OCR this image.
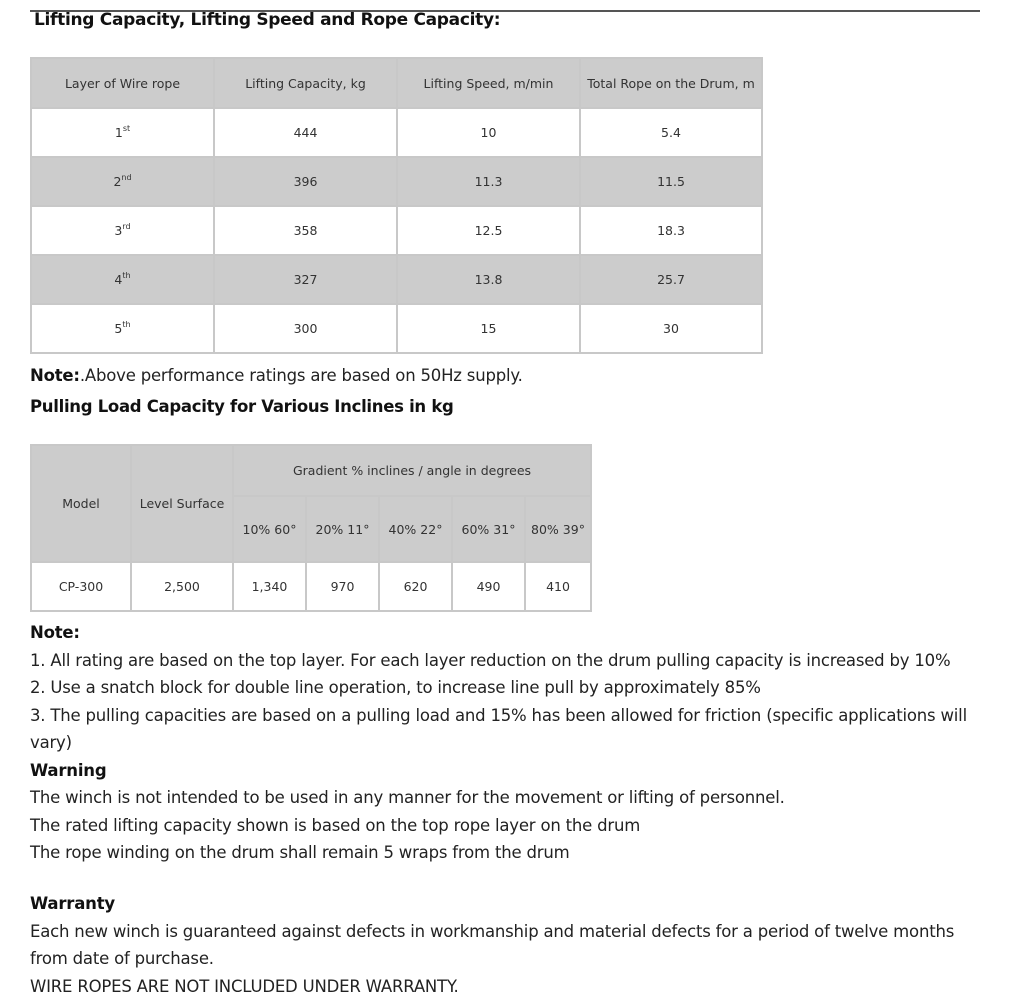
Lifting Capacity, Lifting Speed and Rope Capacity:
Layer of Wire rope	Lifting Capacity, kg	Lifting Speed, m/min	Total Rope on the Drum, m
1st	444	10	5.4
2nd	396	11.3	11.5
3rd	358	12.5	18.3
4th	327	13.8	25.7
5th	300	15	30
Note:.Above performance ratings are based on 50Hz supply.
Pulling Load Capacity for Various Inclines in kg
Model	Level Surface	Gradient % inclines / angle in degrees				
		10% 60°	20% 11°	40% 22°	60% 31°	80% 39°
CP-300	2,500	1,340	970	620	490	410
Note:
1. All rating are based on the top layer. For each layer reduction on the drum pulling capacity is increased by 10%
2. Use a snatch block for double line operation, to increase line pull by approximately 85%
3. The pulling capacities are based on a pulling load and 15% has been allowed for friction (specific applications will vary)
Warning
The winch is not intended to be used in any manner for the movement or lifting of personnel.
The rated lifting capacity shown is based on the top rope layer on the drum
The rope winding on the drum shall remain 5 wraps from the drum
Warranty
Each new winch is guaranteed against defects in workmanship and material defects for a period of twelve months from date of purchase.
WIRE ROPES ARE NOT INCLUDED UNDER WARRANTY.
